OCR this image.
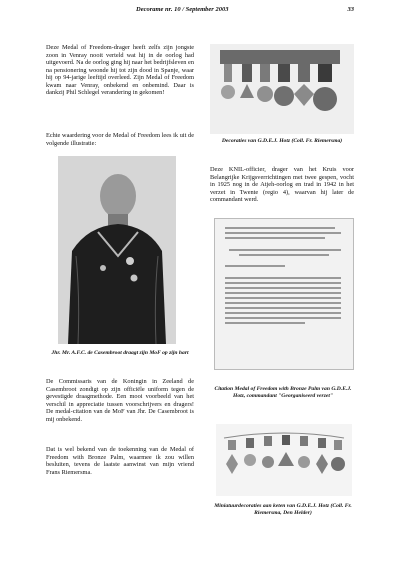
Decorame nr. 10 / September 2003	33

Deze Medal of Freedom-drager heeft zelfs zijn jongste zoon in Venray nooit verteld wat hij in de oorlog had uitgevoerd. Na de oorlog ging hij naar het bedrijfsleven en na pensionering woonde hij tot zijn dood in Spanje, waar hij op 94-jarige leeftijd overleed. Zijn Medal of Freedom kwam naar Venray, onbekend en onbemind. Daar is dankzij Phil Schlegel verandering in gekomen!

Echte waardering voor de Medal of Freedom lees ik uit de volgende illustratie:

Jhr. Mr. A.F.C. de Casembroot draagt zijn MoF op zijn hart

De Commissaris van de Koningin in Zeeland de Casembroot zondigt op zijn officiële uniform tegen de gevestigde draagmethode. Een mooi voorbeeld van het verschil in appreciatie tussen voorschrijvers en dragers! De medal-citation van de MoF van Jhr. De Casembroot is mij onbekend.

Dat is wel bekend van de toekenning van de Medal of Freedom with Bronze Palm, waarmee ik zou willen besluiten, tevens de laatste aanwinst van mijn vriend Frans Riemersma.

Decoraties van G.D.E.J. Hotz (Coll. Fr. Riemersma)

Deze KNIL-officier, drager van het Kruis voor Belangrijke Krijgsverrichtingen met twee gespen, vocht in 1925 nog in de Atjeh-oorlog en trad in 1942 in het verzet in Twente (regio 4), waarvan hij later de commandant werd.

Citation Medal of Freedom with Bronze Palm van G.D.E.J. Hotz, commandant "Georganiseerd verzet"

Miniatuurdecoraties aan keten van G.D.E.J. Hotz (Coll. Fr. Riemersma, Den Helder)
